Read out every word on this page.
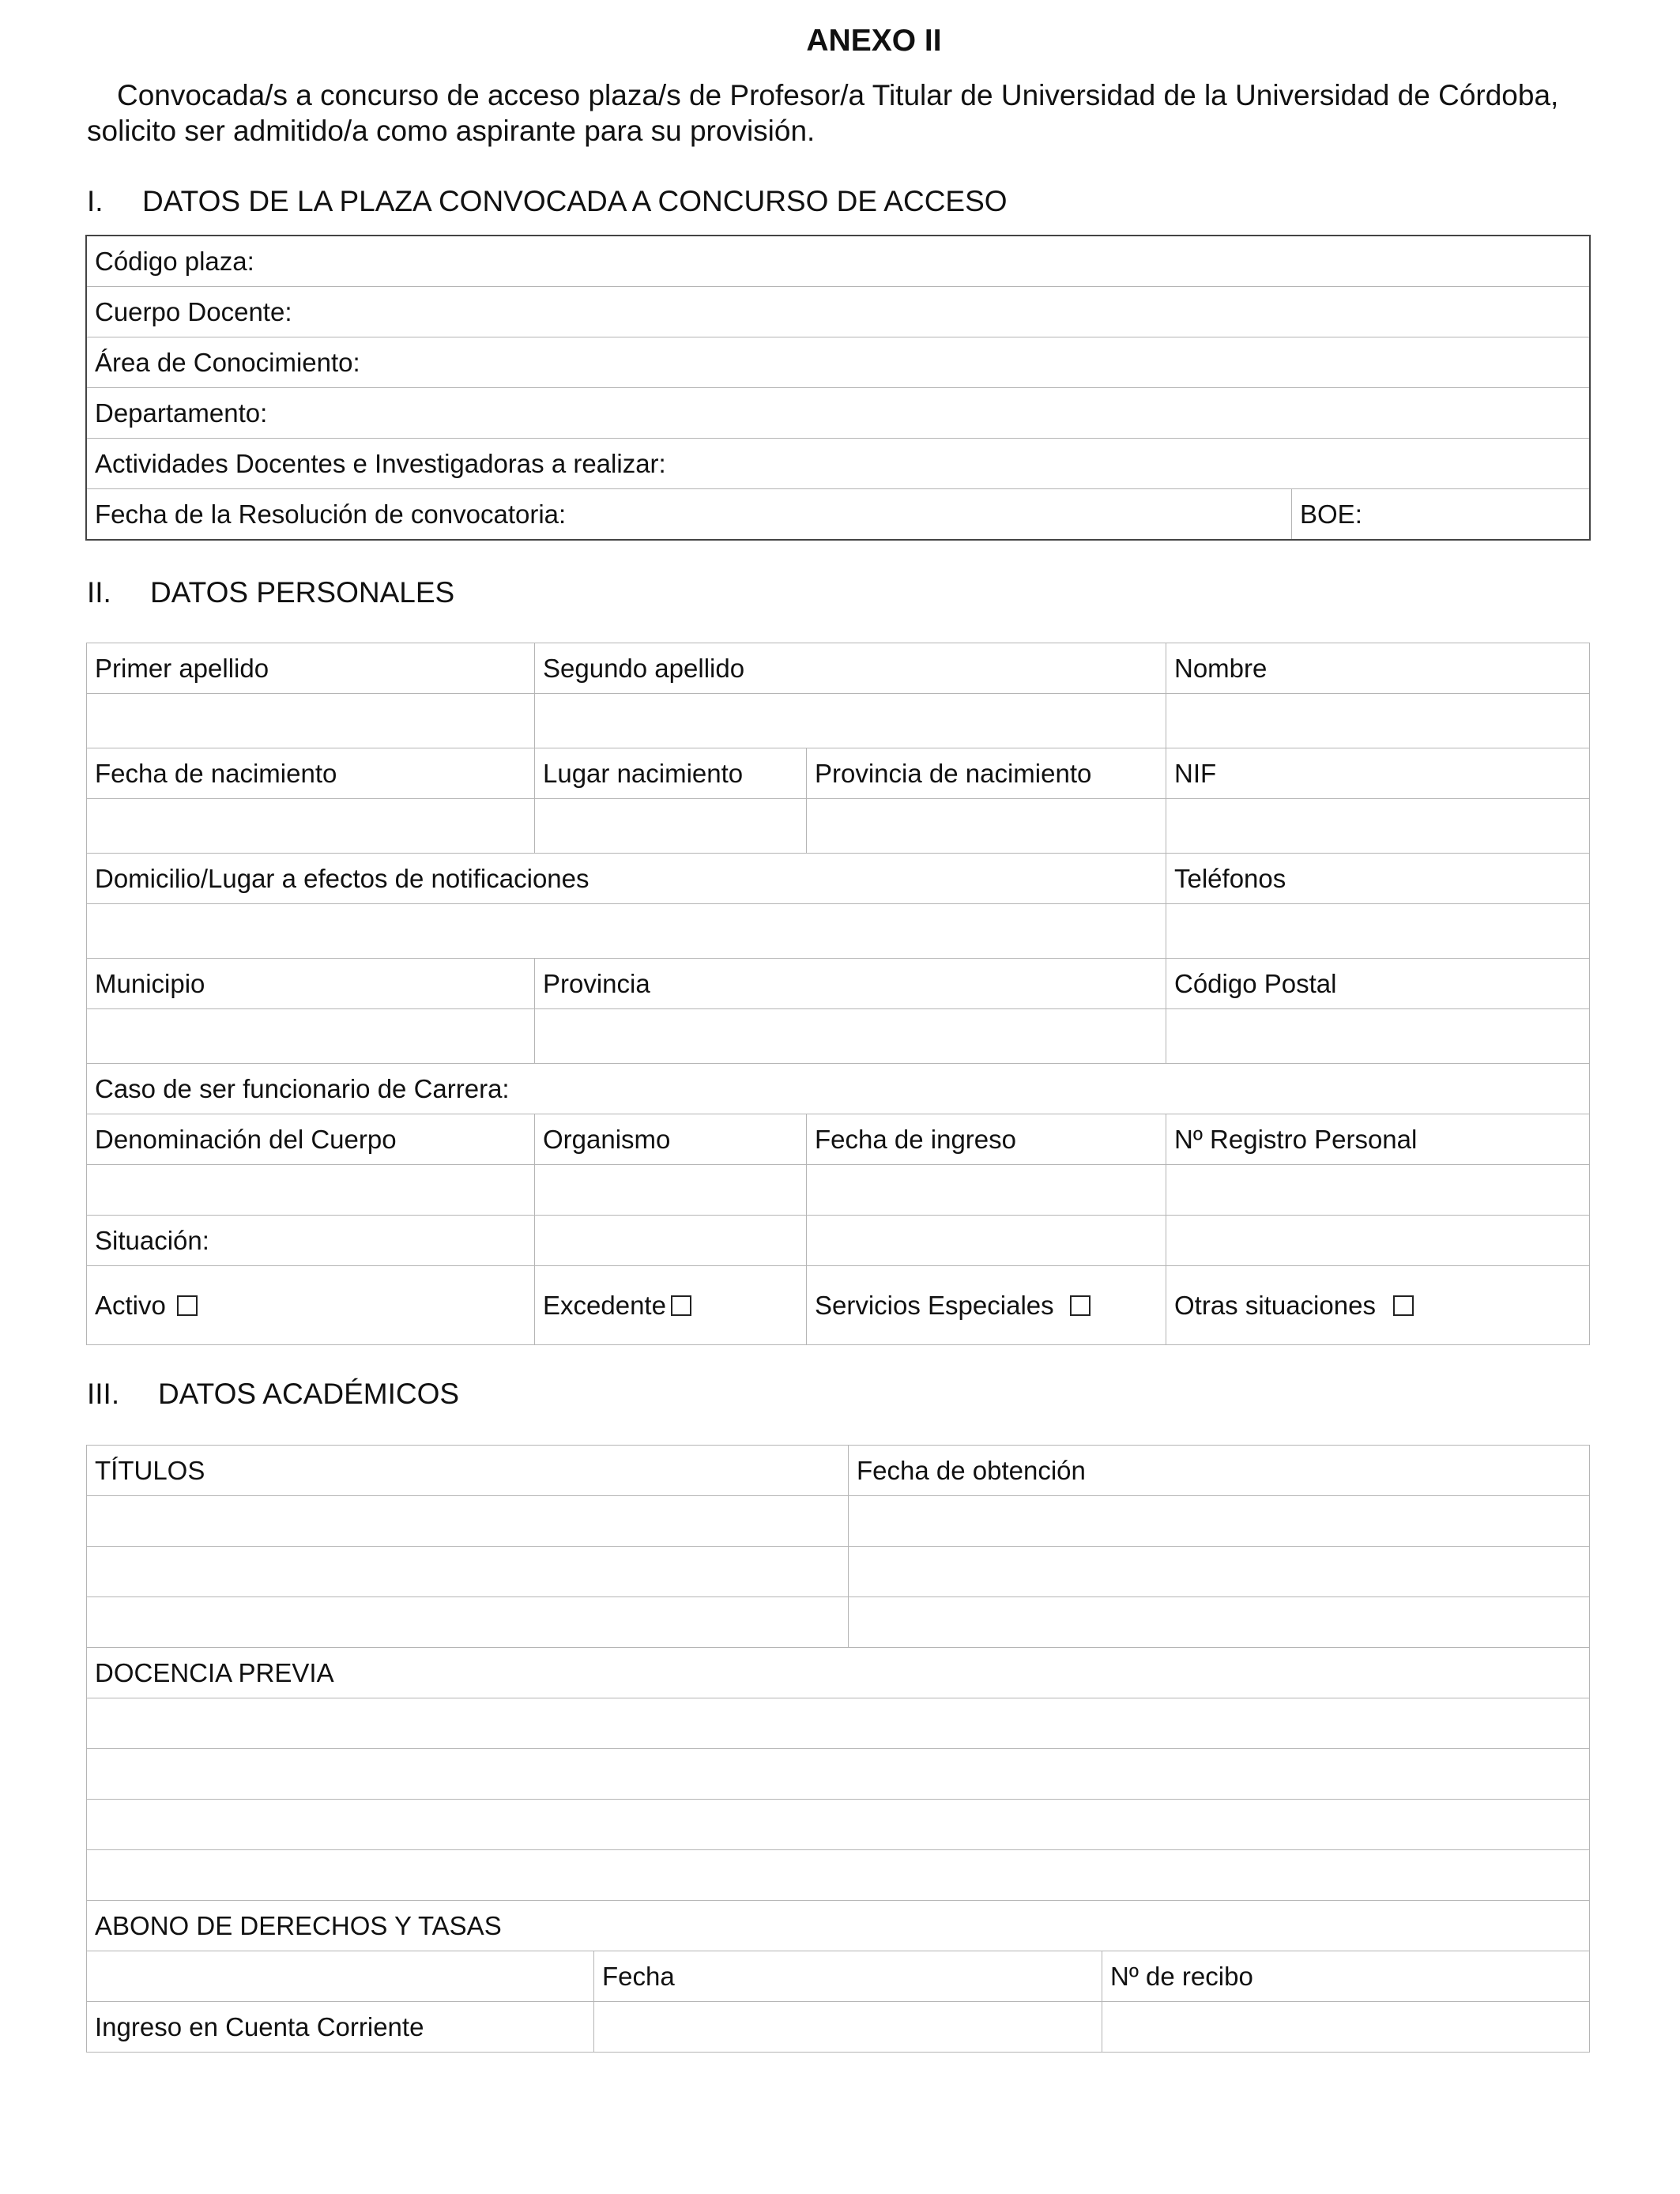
ANEXO II

Convocada/s a concurso de acceso plaza/s de Profesor/a Titular de Universidad de la Universidad de Córdoba,

solicito ser admitido/a como aspirante para su provisión.

I. DATOS DE LA PLAZA CONVOCADA A CONCURSO DE ACCESO
Código plaza:
Cuerpo Docente:
Área de Conocimiento:
Departamento:
Actividades Docentes e Investigadoras a realizar:
Fecha de la Resolución de convocatoria:	BOE:
II. DATOS PERSONALES
Primer apellido	Segundo apellido		Nombre

Fecha de nacimiento	Lugar nacimiento	Provincia de nacimiento	NIF

Domicilio/Lugar a efectos de notificaciones			Teléfonos

Municipio	Provincia		Código Postal

Caso de ser funcionario de Carrera:			
Denominación del Cuerpo	Organismo	Fecha de ingreso	Nº Registro Personal

Situación:			
Activo	Excedente	Servicios Especiales	Otras situaciones
III. DATOS ACADÉMICOS
TÍTULOS	Fecha de obtención

DOCENCIA PREVIA	

ABONO DE DERECHOS Y TASAS		
	Fecha	Nº de recibo
Ingreso en Cuenta Corriente		
